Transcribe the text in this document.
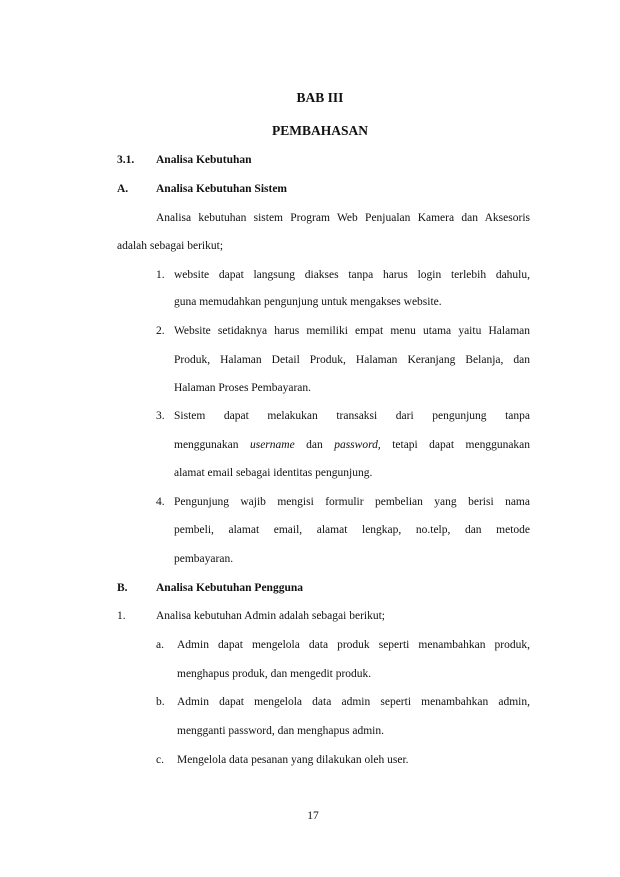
BAB III
PEMBAHASAN
3.1. Analisa Kebutuhan
A. Analisa Kebutuhan Sistem
Analisa kebutuhan sistem Program Web Penjualan Kamera dan Aksesoris
adalah sebagai berikut;
1. website dapat langsung diakses tanpa harus login terlebih dahulu,
guna memudahkan pengunjung untuk mengakses website.
2. Website setidaknya harus memiliki empat menu utama yaitu Halaman
Produk, Halaman Detail Produk, Halaman Keranjang Belanja, dan
Halaman Proses Pembayaran.
3. Sistem dapat melakukan transaksi dari pengunjung tanpa
menggunakan username dan password, tetapi dapat menggunakan
alamat email sebagai identitas pengunjung.
4. Pengunjung wajib mengisi formulir pembelian yang berisi nama
pembeli, alamat email, alamat lengkap, no.telp, dan metode
pembayaran.
B. Analisa Kebutuhan Pengguna
1.	Analisa kebutuhan Admin adalah sebagai berikut;
a. Admin dapat mengelola data produk seperti menambahkan produk,
menghapus produk, dan mengedit produk.
b. Admin dapat mengelola data admin seperti menambahkan admin,
mengganti password, dan menghapus admin.
c. Mengelola data pesanan yang dilakukan oleh user.
17
